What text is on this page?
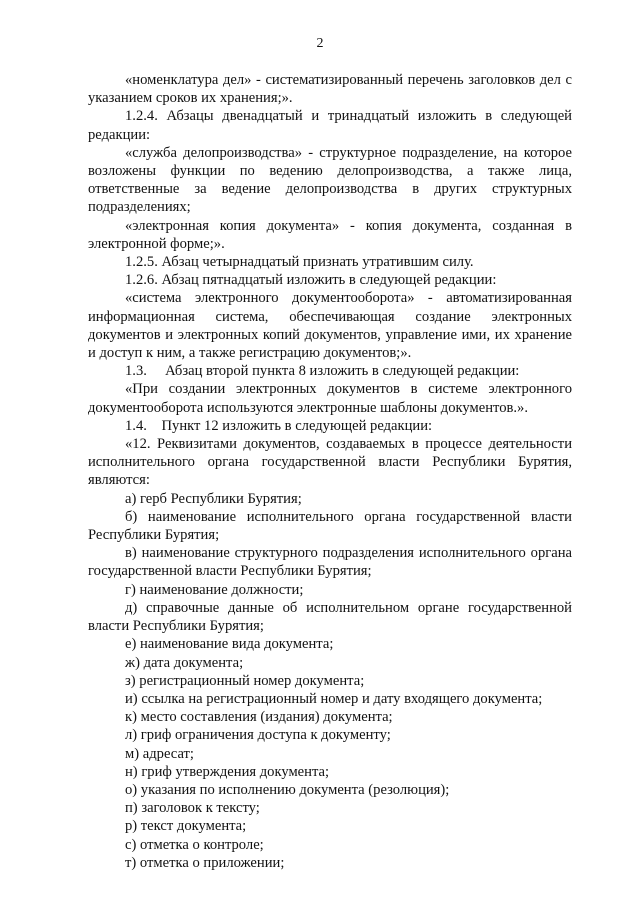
2

«номенклатура дел» - систематизированный перечень заголовков дел с указанием сроков их хранения;».

1.2.4. Абзацы двенадцатый и тринадцатый изложить в следующей редакции:

«служба делопроизводства» - структурное подразделение, на которое возложены функции по ведению делопроизводства, а также лица, ответственные за ведение делопроизводства в других структурных подразделениях;

«электронная копия документа» - копия документа, созданная в электронной форме;».

1.2.5. Абзац четырнадцатый признать утратившим силу.

1.2.6. Абзац пятнадцатый изложить в следующей редакции:

«система электронного документооборота» - автоматизированная информационная система, обеспечивающая создание электронных документов и электронных копий документов, управление ими, их хранение и доступ к ним, а также регистрацию документов;».

1.3.     Абзац второй пункта 8 изложить в следующей редакции:

«При создании электронных документов в системе электронного документооборота используются электронные шаблоны документов.».

1.4.    Пункт 12 изложить в следующей редакции:

«12. Реквизитами документов, создаваемых в процессе деятельности исполнительного органа государственной власти Республики Бурятия, являются:

а) герб Республики Бурятия;

б) наименование исполнительного органа государственной власти Республики Бурятия;

в) наименование структурного подразделения исполнительного органа государственной власти Республики Бурятия;

г) наименование должности;

д) справочные данные об исполнительном органе государственной власти Республики Бурятия;

е) наименование вида документа;

ж) дата документа;

з) регистрационный номер документа;

и) ссылка на регистрационный номер и дату входящего документа;

к) место составления (издания) документа;

л) гриф ограничения доступа к документу;

м) адресат;

н) гриф утверждения документа;

о) указания по исполнению документа (резолюция);

п) заголовок к тексту;

р) текст документа;

с) отметка о контроле;

т) отметка о приложении;
